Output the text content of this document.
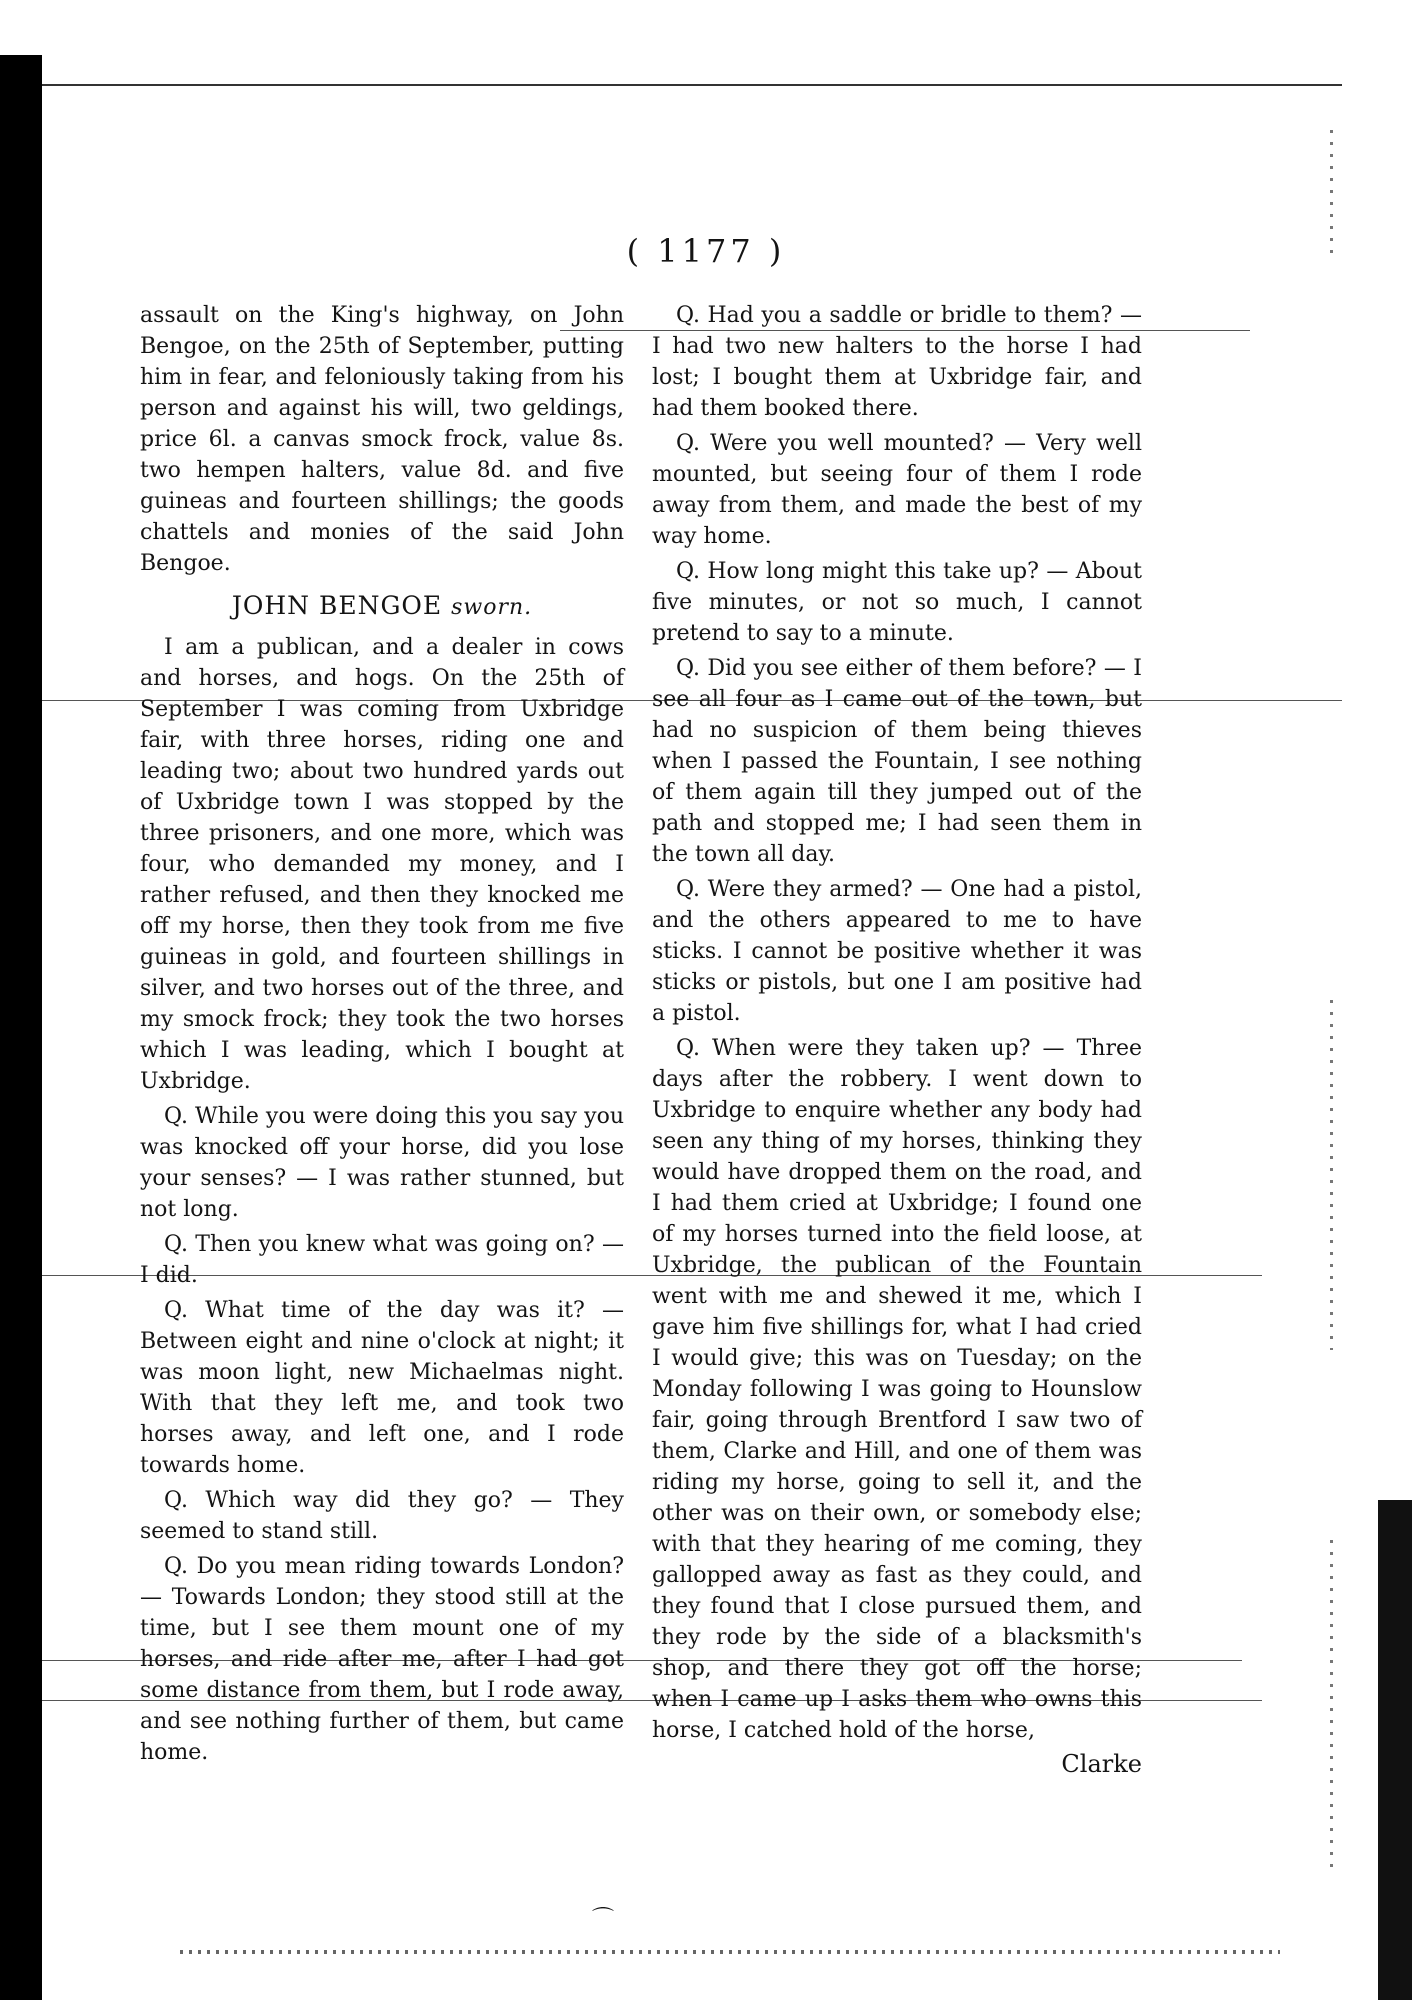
( 1177 )

assault on the King's highway, on John Bengoe, on the 25th of September, putting him in fear, and feloniously taking from his person and against his will, two geldings, price 6l. a canvas smock frock, value 8s. two hempen halters, value 8d. and five guineas and fourteen shillings; the goods chattels and monies of the said John Bengoe.

JOHN BENGOE sworn.

I am a publican, and a dealer in cows and horses, and hogs. On the 25th of September I was coming from Uxbridge fair, with three horses, riding one and leading two; about two hundred yards out of Uxbridge town I was stopped by the three prisoners, and one more, which was four, who demanded my money, and I rather refused, and then they knocked me off my horse, then they took from me five guineas in gold, and fourteen shillings in silver, and two horses out of the three, and my smock frock; they took the two horses which I was leading, which I bought at Uxbridge.

Q. While you were doing this you say you was knocked off your horse, did you lose your senses? — I was rather stunned, but not long.

Q. Then you knew what was going on? — I did.

Q. What time of the day was it? — Between eight and nine o'clock at night; it was moon light, new Michaelmas night. With that they left me, and took two horses away, and left one, and I rode towards home.

Q. Which way did they go? — They seemed to stand still.

Q. Do you mean riding towards London? — Towards London; they stood still at the time, but I see them mount one of my horses, and ride after me, after I had got some distance from them, but I rode away, and see nothing further of them, but came home.

Q. Had you a saddle or bridle to them? — I had two new halters to the horse I had lost; I bought them at Uxbridge fair, and had them booked there.

Q. Were you well mounted? — Very well mounted, but seeing four of them I rode away from them, and made the best of my way home.

Q. How long might this take up? — About five minutes, or not so much, I cannot pretend to say to a minute.

Q. Did you see either of them before? — I see all four as I came out of the town, but had no suspicion of them being thieves when I passed the Fountain, I see nothing of them again till they jumped out of the path and stopped me; I had seen them in the town all day.

Q. Were they armed? — One had a pistol, and the others appeared to me to have sticks. I cannot be positive whether it was sticks or pistols, but one I am positive had a pistol.

Q. When were they taken up? — Three days after the robbery. I went down to Uxbridge to enquire whether any body had seen any thing of my horses, thinking they would have dropped them on the road, and I had them cried at Uxbridge; I found one of my horses turned into the field loose, at Uxbridge, the publican of the Fountain went with me and shewed it me, which I gave him five shillings for, what I had cried I would give; this was on Tuesday; on the Monday following I was going to Hounslow fair, going through Brentford I saw two of them, Clarke and Hill, and one of them was riding my horse, going to sell it, and the other was on their own, or somebody else; with that they hearing of me coming, they gallopped away as fast as they could, and they found that I close pursued them, and they rode by the side of a blacksmith's shop, and there they got off the horse; when I came up I asks them who owns this horse, I catched hold of the horse,

Clarke
⌒
